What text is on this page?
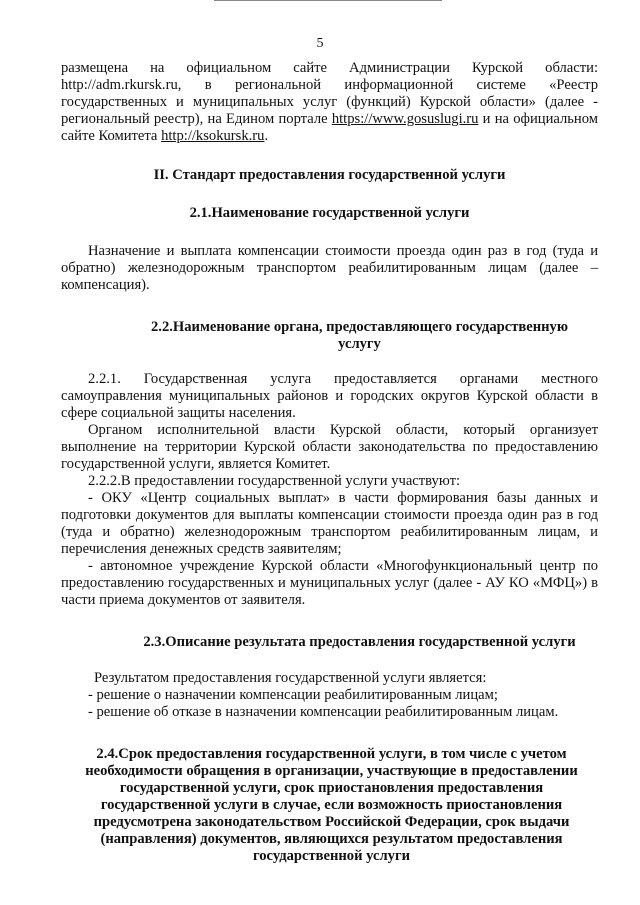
5

размещена на официальном сайте Администрации Курской области: http://adm.rkursk.ru, в региональной информационной системе «Реестр государственных и муниципальных услуг (функций) Курской области» (далее - региональный реестр), на Едином портале https://www.gosuslugi.ru и на официальном сайте Комитета http://ksokursk.ru.

II. Стандарт предоставления государственной услуги
2.1.Наименование государственной услуги

Назначение и выплата компенсации стоимости проезда один раз в год (туда и обратно) железнодорожным транспортом реабилитированным лицам (далее – компенсация).

2.2.Наименование органа, предоставляющего государственную услугу

2.2.1. Государственная услуга предоставляется органами местного самоуправления муниципальных районов и городских округов Курской области в сфере социальной защиты населения.

Органом исполнительной власти Курской области, который организует выполнение на территории Курской области законодательства по предоставлению государственной услуги, является Комитет.

2.2.2.В предоставлении государственной услуги участвуют:

- ОКУ «Центр социальных выплат» в части формирования базы данных и подготовки документов для выплаты компенсации стоимости проезда один раз в год (туда и обратно) железнодорожным транспортом реабилитированным лицам, и перечисления денежных средств заявителям;

- автономное учреждение Курской области «Многофункциональный центр по предоставлению государственных и муниципальных услуг (далее - АУ КО «МФЦ») в части приема документов от заявителя.

2.3.Описание результата предоставления государственной услуги

Результатом предоставления государственной услуги является:

- решение о назначении компенсации реабилитированным лицам;

- решение об отказе в назначении компенсации реабилитированным лицам.

2.4.Срок предоставления государственной услуги, в том числе с учетом необходимости обращения в организации, участвующие в предоставлении государственной услуги, срок приостановления предоставления государственной услуги в случае, если возможность приостановления предусмотрена законодательством Российской Федерации, срок выдачи (направления) документов, являющихся результатом предоставления государственной услуги
